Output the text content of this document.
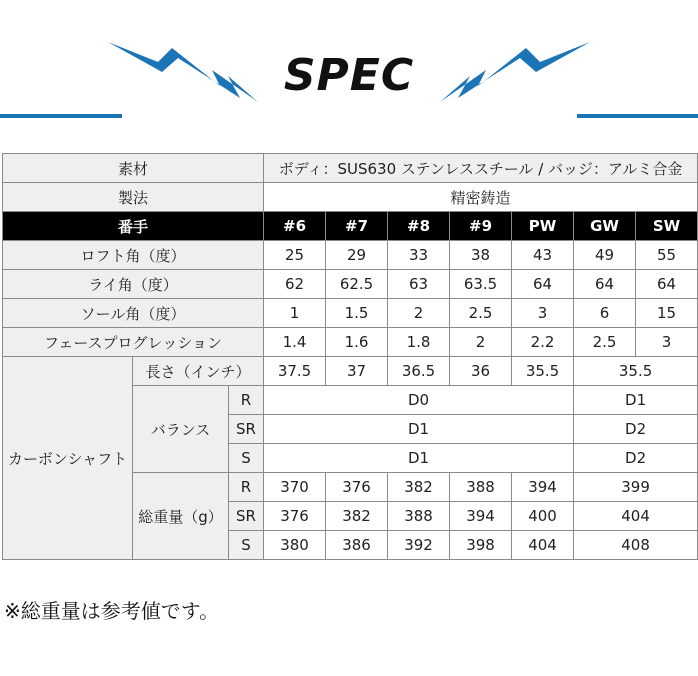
SPEC
素材			ボディ：SUS630 ステンレススチール / バッジ：アルミ合金						
製法			精密鋳造						
番手			#6	#7	#8	#9	PW	GW	SW
ロフト角（度）			25	29	33	38	43	49	55
ライ角（度）			62	62.5	63	63.5	64	64	64
ソール角（度）			1	1.5	2	2.5	3	6	15
フェースプログレッション			1.4	1.6	1.8	2	2.2	2.5	3
カーボンシャフト	長さ（インチ）		37.5	37	36.5	36	35.5	35.5	
	バランス	R	D0					D1	
		SR	D1					D2	
		S	D1					D2	
	総重量（g）	R	370	376	382	388	394	399	
		SR	376	382	388	394	400	404	
		S	380	386	392	398	404	408	
※総重量は参考値です。
